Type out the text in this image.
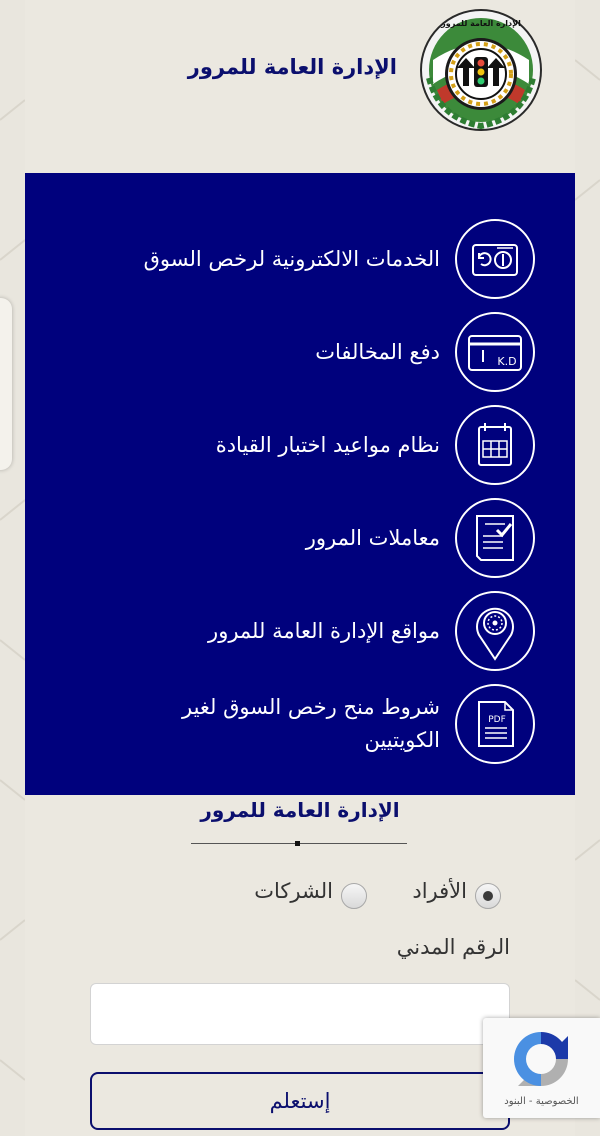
الإدارة العامة للمرور
الإدارة العامة للمرور
الخدمات الالكترونية لرخص السوق
K.D
دفع المخالفات
نظام مواعيد اختبار القيادة
معاملات المرور
مواقع الإدارة العامة للمرور
PDF
شروط منح رخص السوق لغير الكويتيين
الإدارة العامة للمرور
الأفراد
الشركات
الرقم المدني
إستعلم	الخصوصية - البنود
